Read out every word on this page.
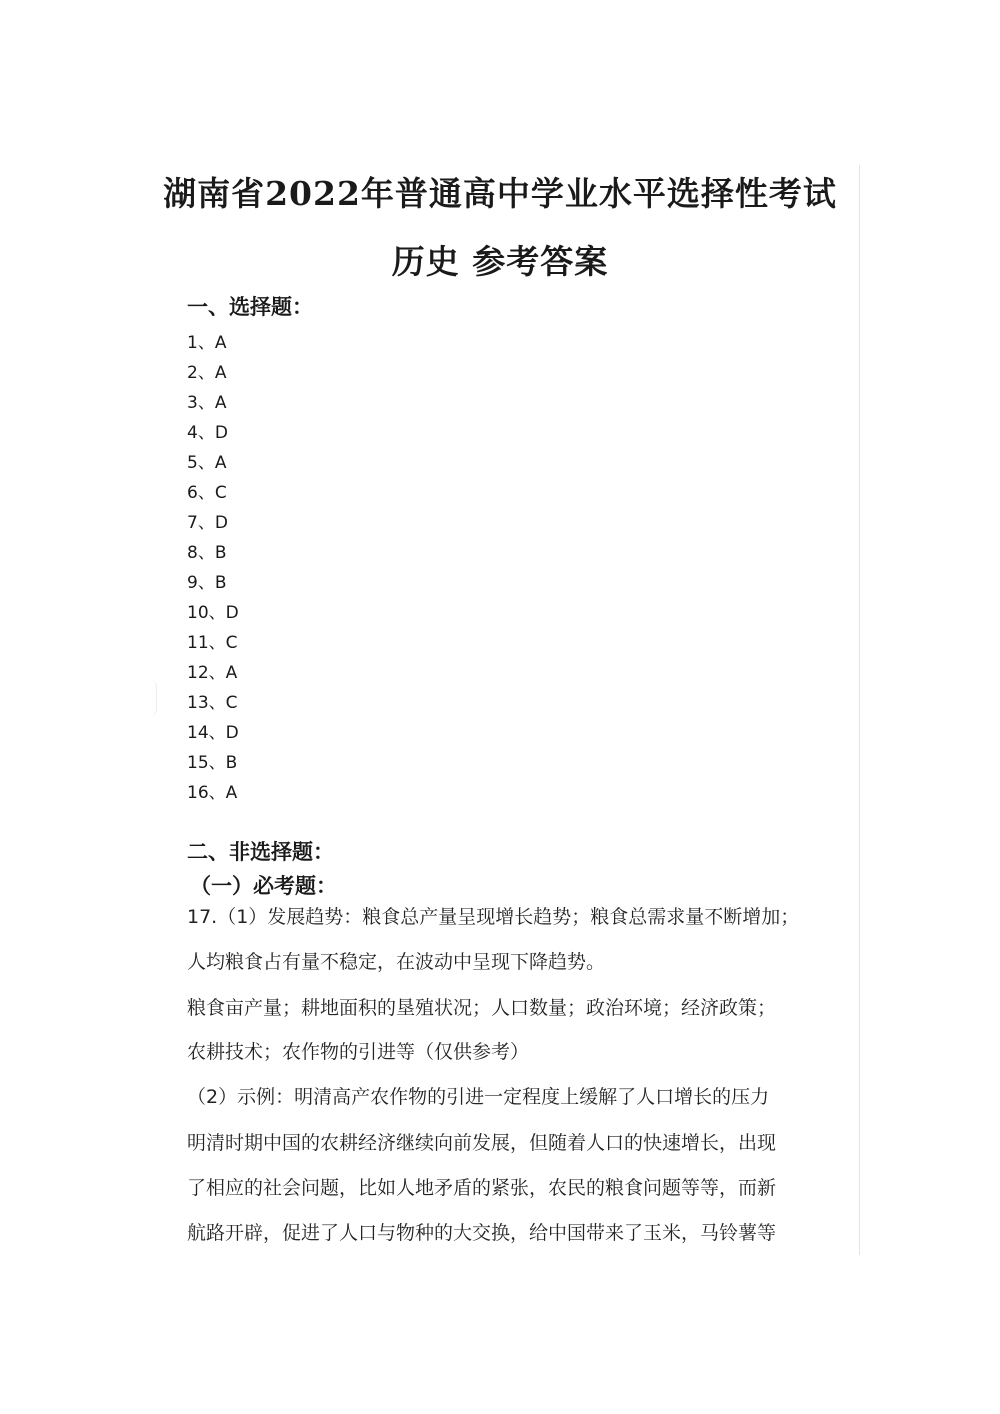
湖南省2022年普通高中学业水平选择性考试
历史 参考答案
一、选择题：
1、A
2、A
3、A
4、D
5、A
6、C
7、D
8、B
9、B
10、D
11、C
12、A
13、C
14、D
15、B
16、A
二、非选择题：
（一）必考题：
17.（1）发展趋势：粮食总产量呈现增长趋势；粮食总需求量不断增加；
人均粮食占有量不稳定，在波动中呈现下降趋势。
粮食亩产量；耕地面积的垦殖状况；人口数量；政治环境；经济政策；
农耕技术；农作物的引进等（仅供参考）
（2）示例：明清高产农作物的引进一定程度上缓解了人口增长的压力
明清时期中国的农耕经济继续向前发展，但随着人口的快速增长，出现
了相应的社会问题，比如人地矛盾的紧张，农民的粮食问题等等，而新
航路开辟，促进了人口与物种的大交换，给中国带来了玉米，马铃薯等
